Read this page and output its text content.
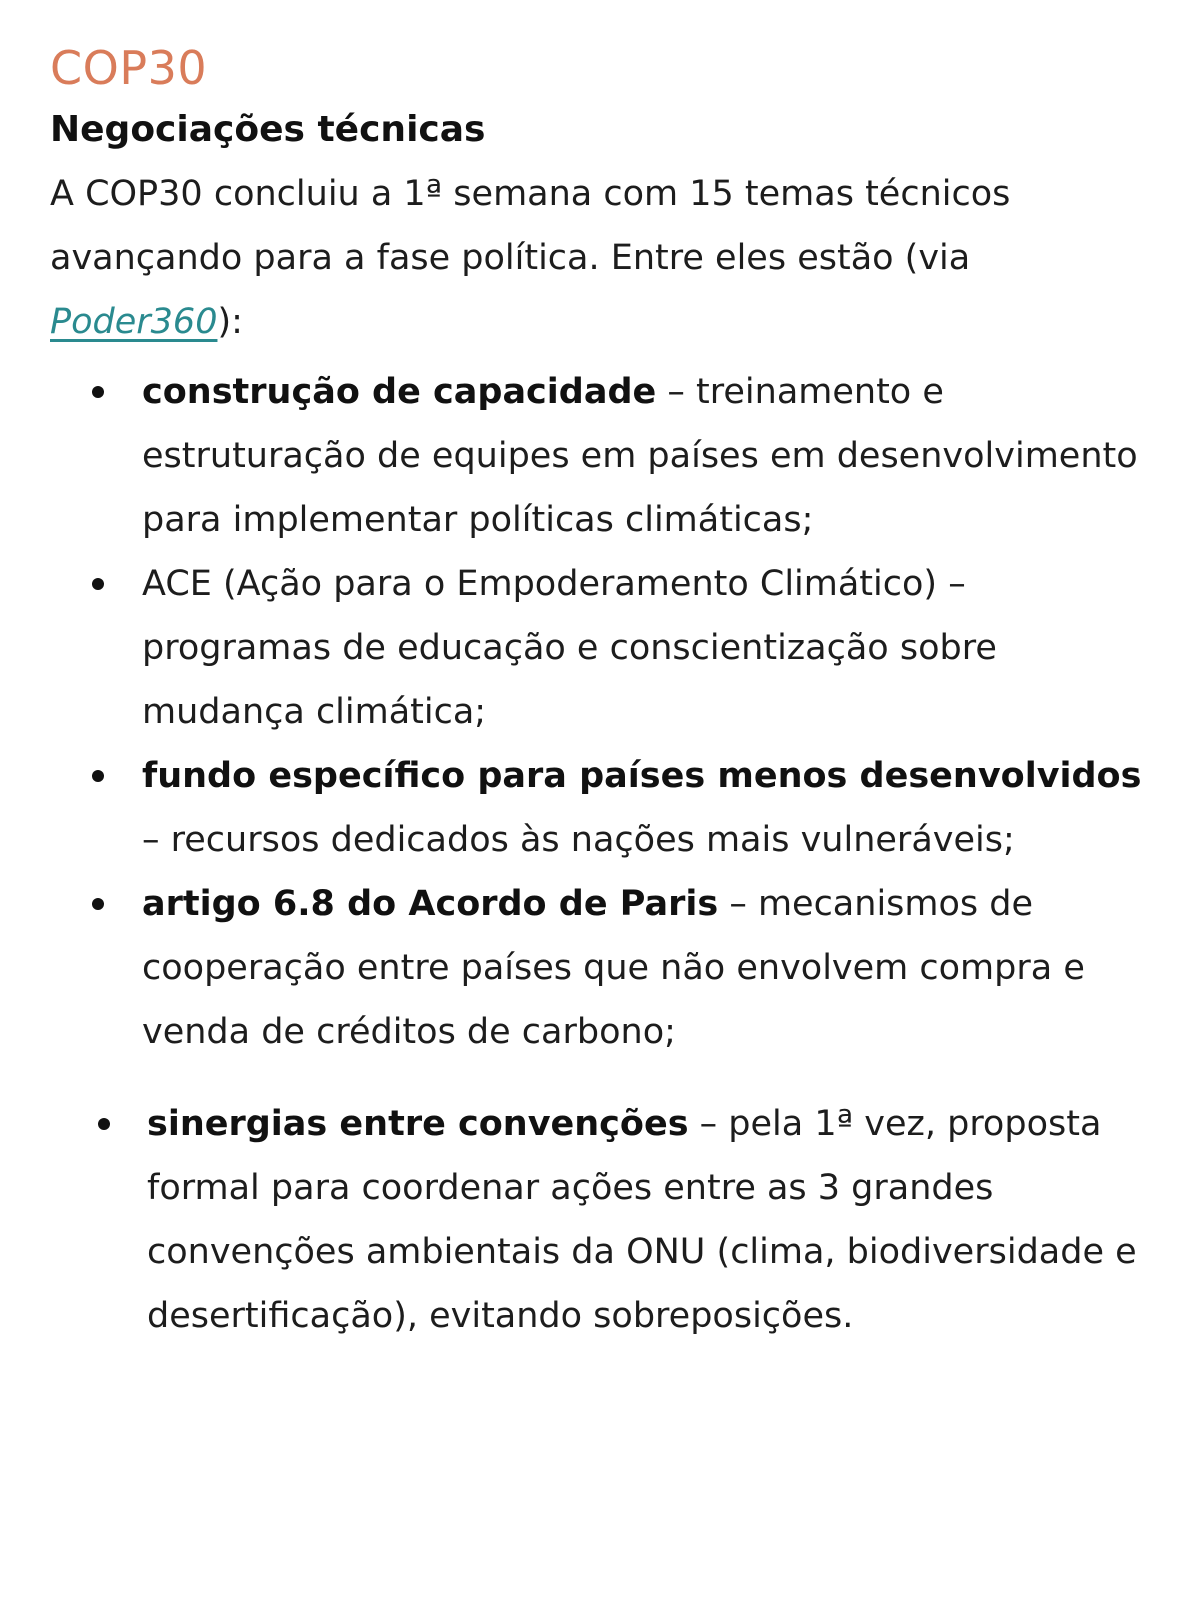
COP30
Negociações técnicas

A COP30 concluiu a 1ª semana com 15 temas técnicos avançando para a fase política. Entre eles estão (via Poder360):

construção de capacidade – treinamento e estruturação de equipes em países em desenvolvimento para implementar políticas climáticas;
ACE (Ação para o Empoderamento Climático) – programas de educação e conscientização sobre mudança climática;
fundo específico para países menos desenvolvidos – recursos dedicados às nações mais vulneráveis;
artigo 6.8 do Acordo de Paris – mecanismos de cooperação entre países que não envolvem compra e venda de créditos de carbono;
sinergias entre convenções – pela 1ª vez, proposta formal para coordenar ações entre as 3 grandes convenções ambientais da ONU (clima, biodiversidade e desertificação), evitando sobreposições.
